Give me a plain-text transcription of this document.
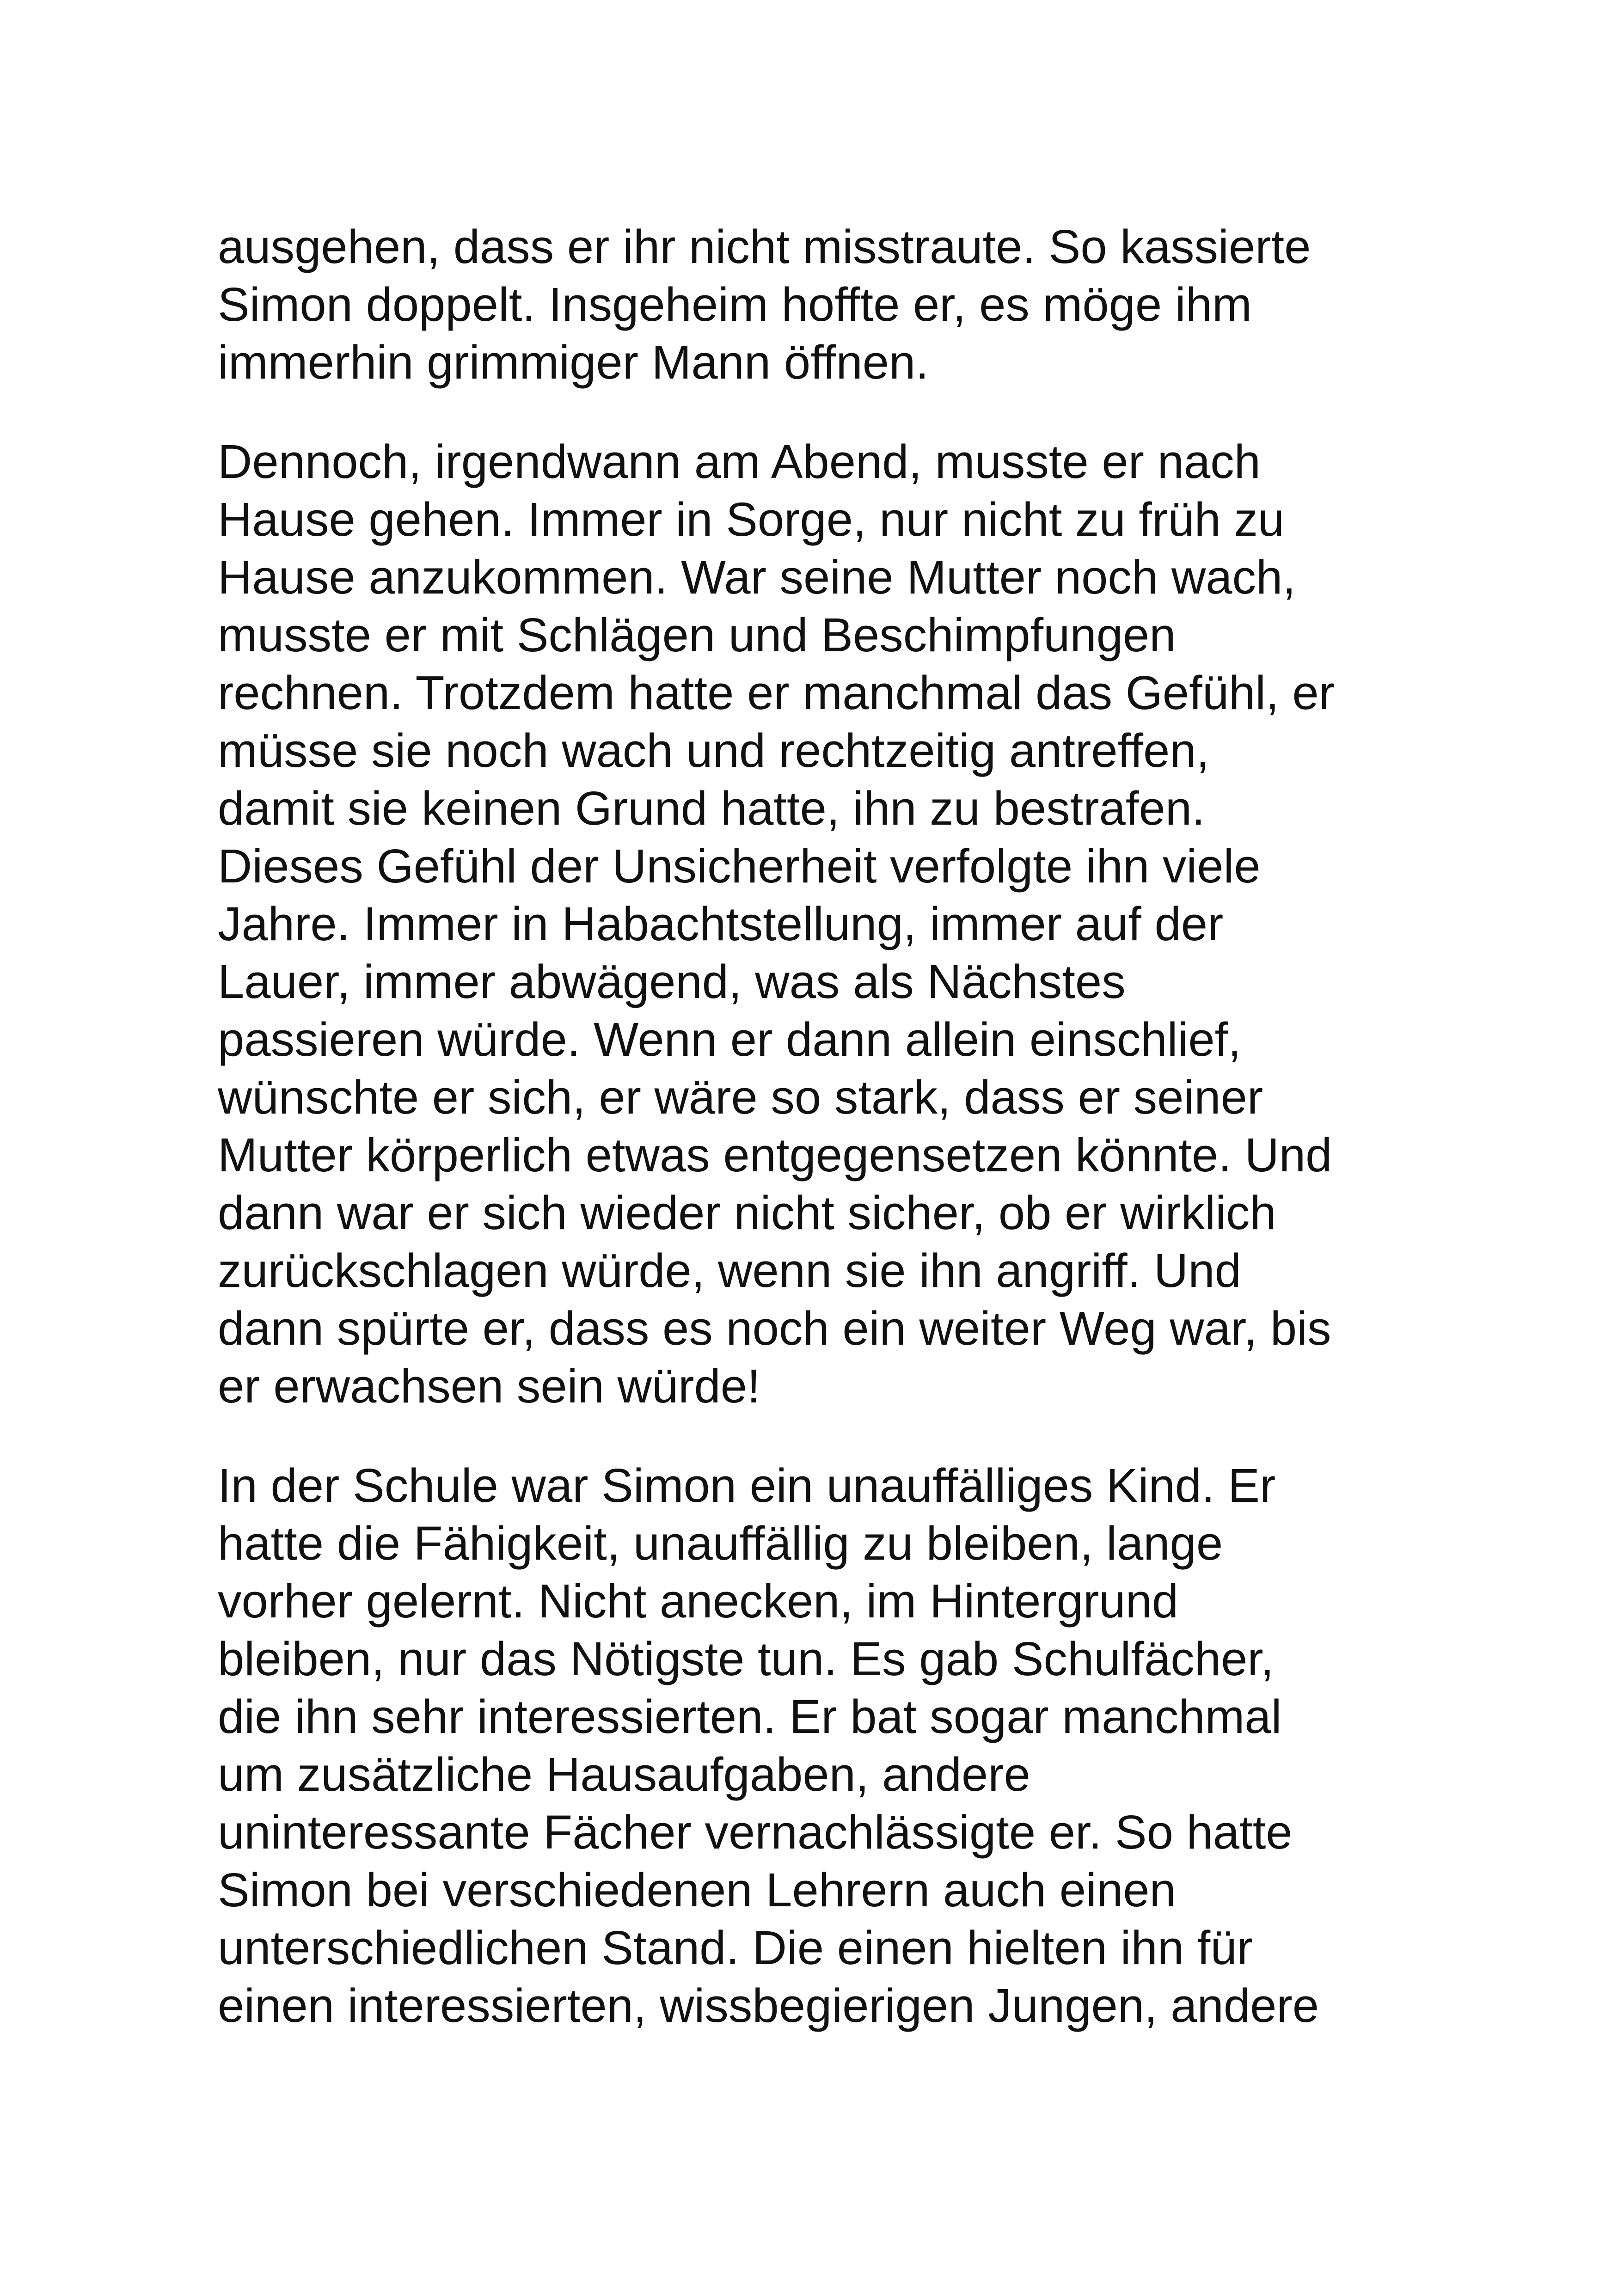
ausgehen, dass er ihr nicht misstraute. So kassierte
Simon doppelt. Insgeheim hoffte er, es möge ihm
immerhin grimmiger Mann öffnen.

Dennoch, irgendwann am Abend, musste er nach
Hause gehen. Immer in Sorge, nur nicht zu früh zu
Hause anzukommen. War seine Mutter noch wach,
musste er mit Schlägen und Beschimpfungen
rechnen. Trotzdem hatte er manchmal das Gefühl, er
müsse sie noch wach und rechtzeitig antreffen,
damit sie keinen Grund hatte, ihn zu bestrafen.
Dieses Gefühl der Unsicherheit verfolgte ihn viele
Jahre. Immer in Habachtstellung, immer auf der
Lauer, immer abwägend, was als Nächstes
passieren würde. Wenn er dann allein einschlief,
wünschte er sich, er wäre so stark, dass er seiner
Mutter körperlich etwas entgegensetzen könnte. Und
dann war er sich wieder nicht sicher, ob er wirklich
zurückschlagen würde, wenn sie ihn angriff. Und
dann spürte er, dass es noch ein weiter Weg war, bis
er erwachsen sein würde!

In der Schule war Simon ein unauffälliges Kind. Er
hatte die Fähigkeit, unauffällig zu bleiben, lange
vorher gelernt. Nicht anecken, im Hintergrund
bleiben, nur das Nötigste tun. Es gab Schulfächer,
die ihn sehr interessierten. Er bat sogar manchmal
um zusätzliche Hausaufgaben, andere
uninteressante Fächer vernachlässigte er. So hatte
Simon bei verschiedenen Lehrern auch einen
unterschiedlichen Stand. Die einen hielten ihn für
einen interessierten, wissbegierigen Jungen, andere
